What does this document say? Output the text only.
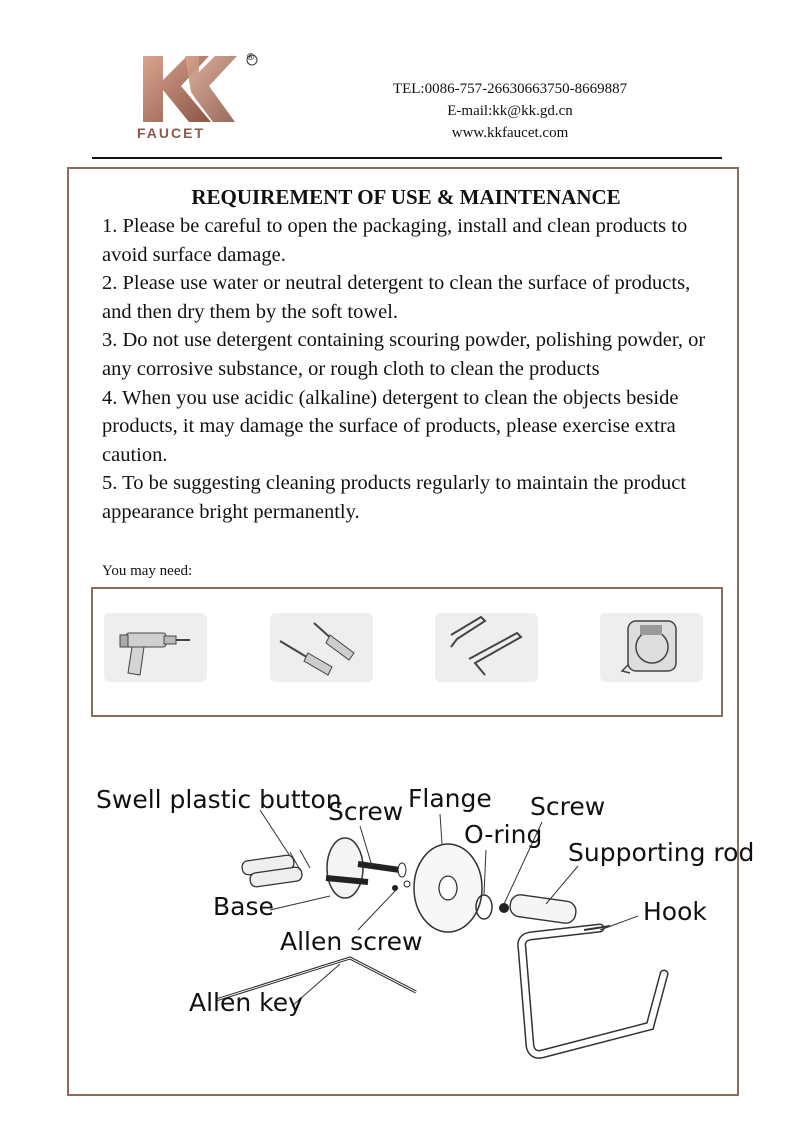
®
FAUCET
TEL:0086-757-26630663750-8669887
E-mail:kk@kk.gd.cn
www.kkfaucet.com
REQUIREMENT OF USE & MAINTENANCE

1. Please be careful to open the packaging, install and clean products to avoid surface damage.

2. Please use water or neutral detergent to clean the surface of products, and then dry them by the soft towel.

3. Do not use detergent containing scouring powder, polishing powder, or any corrosive substance, or rough cloth to clean the products

4. When you use acidic (alkaline) detergent to clean the objects beside products, it may damage the surface of products, please exercise extra caution.

5. To be suggesting cleaning products regularly to maintain the product appearance bright permanently.

You may need:
Swell plastic button
Screw Flange Screw
O-ring
Supporting rod
Base
Allen screw
Hook
Allen key
